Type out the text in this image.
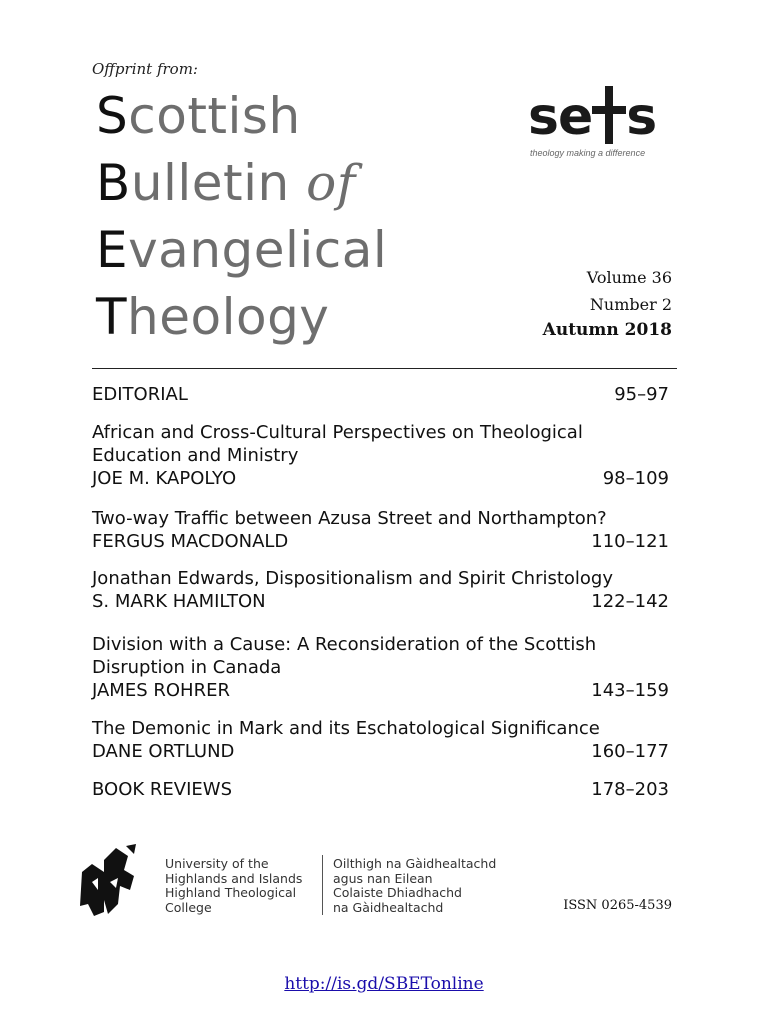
Offprint from:
Scottish
Bulletin of
Evangelical
Theology
se s
theology making a difference
Volume 36
Number 2
Autumn 2018
EDITORIAL	95–97
African and Cross-Cultural Perspectives on Theological
Education and Ministry
JOE M. KAPOLYO	98–109
Two-way Traffic between Azusa Street and Northampton?
FERGUS MACDONALD	110–121
Jonathan Edwards, Dispositionalism and Spirit Christology
S. MARK HAMILTON	122–142
Division with a Cause: A Reconsideration of the Scottish
Disruption in Canada
JAMES ROHRER	143–159
The Demonic in Mark and its Eschatological Significance
DANE ORTLUND	160–177
BOOK REVIEWS	178–203
University of the
Highlands and Islands
Highland Theological
College
Oilthigh na Gàidhealtachd
agus nan Eilean
Colaiste Dhiadhachd
na Gàidhealtachd	ISSN 0265-4539
http://is.gd/SBETonline
